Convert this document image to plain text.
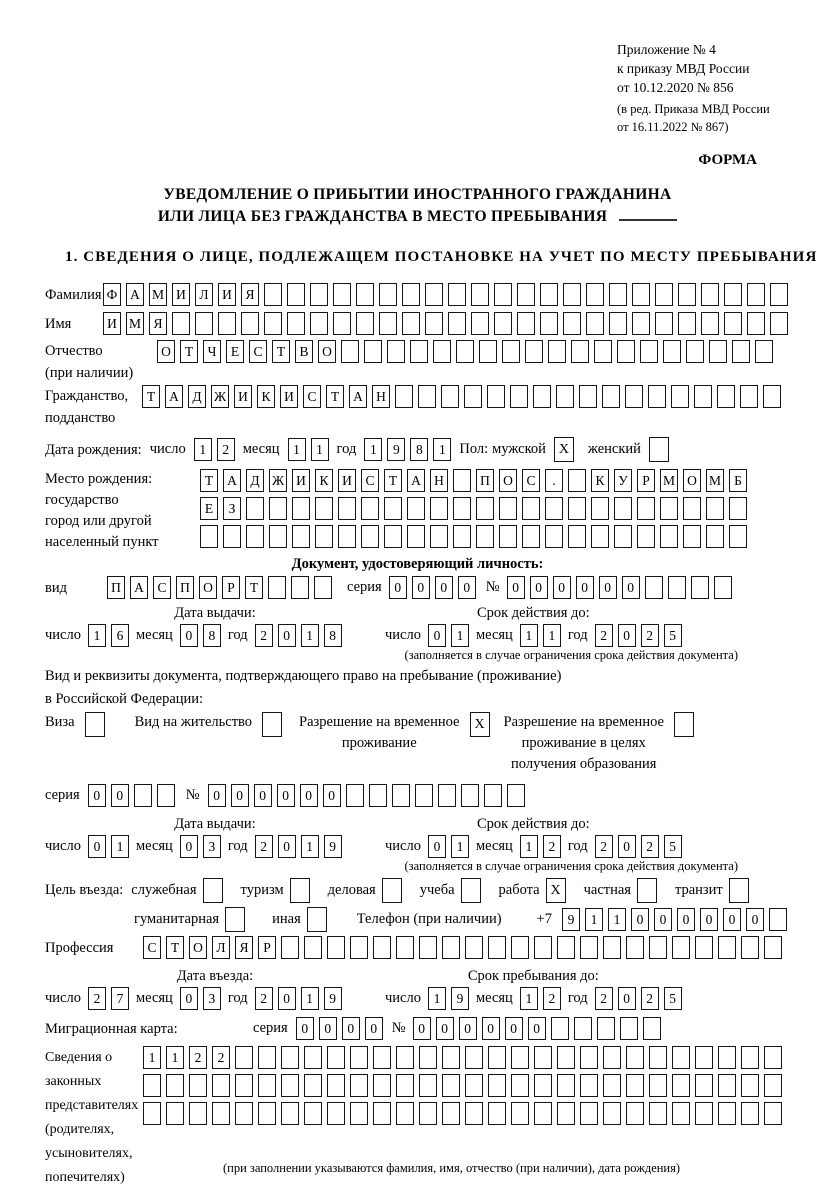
Приложение № 4
к приказу МВД России
от 10.12.2020 № 856
(в ред. Приказа МВД России
от 16.11.2022 № 867)
ФОРМА
УВЕДОМЛЕНИЕ О ПРИБЫТИИ ИНОСТРАННОГО ГРАЖДАНИНА
ИЛИ ЛИЦА БЕЗ ГРАЖДАНСТВА В МЕСТО ПРЕБЫВАНИЯ
1. СВЕДЕНИЯ О ЛИЦЕ, ПОДЛЕЖАЩЕМ ПОСТАНОВКЕ НА УЧЕТ ПО МЕСТУ ПРЕБЫВАНИЯ
Фамилия Ф А М И	Л	И	Я
Имя	И М Я
Отчество
(при наличии)
О	Т	Ч	Е	С	Т	В	О
Гражданство,
подданство
Т	А	Д Ж И	К	И	С	Т	А Н
Дата рождения: число	1	2 месяц	1	1 год	1	9	8	1 Пол: мужской X	женский
Место рождения:
государство
город или другой
населенный пункт
Т	А	Д Ж И	К	И	С	Т	А Н	П О	С	.	К	У	Р М О М Б
Е	З
Документ, удостоверяющий личность:
вид	П А	С	П О	Р	Т	серия 0	0	0	0	№ 0	0	0	0	0	0
Дата выдачи:
число 1	6 месяц 0	8 год 2	0	1	8
Срок действия до:
число 0	1 месяц 1	1 год 2	0	2	5
(заполняется в случае ограничения срока действия документа)
Вид и реквизиты документа, подтверждающего право на пребывание (проживание)
в Российской Федерации:
Виза	Вид на жительство	Разрешение на временное
проживание
X	Разрешение на временное
проживание в целях
получения образования
серия	0	0	№	0	0	0	0	0	0
Дата выдачи:
число 0	1 месяц 0	3 год 2	0	1	9
Срок действия до:
число 0	1 месяц 1	2 год 2	0	2	5
(заполняется в случае ограничения срока действия документа)
Цель въезда: служебная	туризм	деловая	учеба	работа X	частная	транзит
гуманитарная	иная	Телефон (при наличии) +7	9	1	1	0	0	0	0	0	0
Профессия	С	Т	О	Л	Я	Р
Дата въезда:
число 2	7 месяц 0	3 год 2	0	1	9
Срок пребывания до:
число 1	9 месяц 1	2 год 2	0	2	5
Миграционная карта:	серия	0	0	0	0	№ 0	0	0	0	0	0
Сведения о
законных
представителях
(родителях,
усыновителях,
попечителях)
1	1	2	2
(при заполнении указываются фамилия, имя, отчество (при наличии), дата рождения)
